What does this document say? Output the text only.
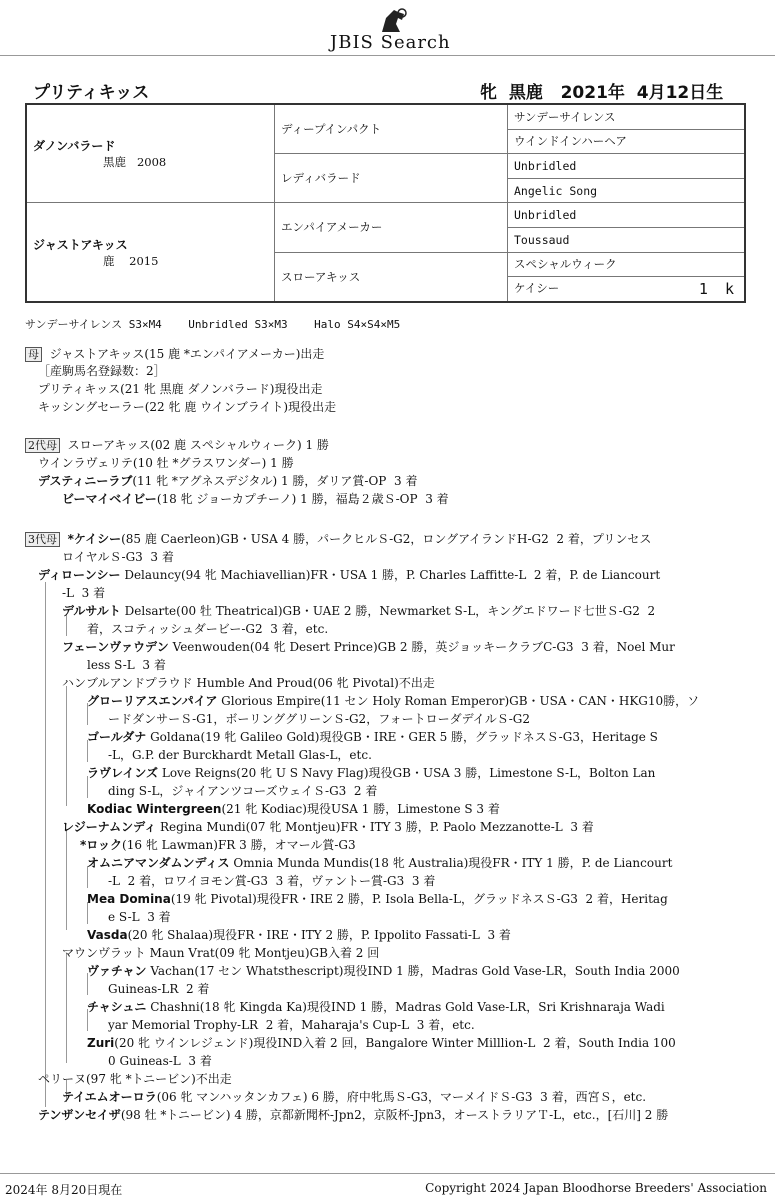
JBIS Search
プリティキッス	牝  黒鹿   2021年  4月12日生
ダノンバラード
黒鹿   2008	ディープインパクト	サンデーサイレンス
		ウインドインハーヘア
	レディバラード	Unbridled
		Angelic Song

ジャストアキッス
鹿    2015	エンパイアメーカー	Unbridled
		Toussaud
	スローアキッス	スペシャルウィーク
		ケイシー 1 k
サンデーサイレンス S3×M4    Unbridled S3×M3    Halo S4×S4×M5
母 ジャストアキッス(15 鹿 *エンパイアメーカー)出走
［産駒馬名登録数：2］
プリティキッス(21 牝 黒鹿 ダノンバラード)現役出走
キッシングセーラー(22 牝 鹿 ウインブライト)現役出走
2代母 スローアキッス(02 鹿 スペシャルウィーク) 1 勝
ウインラヴェリテ(10 牡 *グラスワンダー) 1 勝
デスティニーラブ(11 牝 *アグネスデジタル) 1 勝，ダリア賞-OP  3 着
ビーマイベイビー(18 牝 ジョーカプチーノ) 1 勝，福島２歳Ｓ-OP  3 着
3代母 *ケイシー(85 鹿 Caerleon)GB・USA 4 勝，パークヒルＳ-G2，ロングアイランドH-G2  2 着，プリンセス
ロイヤルＳ-G3  3 着
ディローンシー Delauncy(94 牝 Machiavellian)FR・USA 1 勝，P. Charles Laffitte-L  2 着，P. de Liancourt
-L  3 着
デルサルト Delsarte(00 牡 Theatrical)GB・UAE 2 勝，Newmarket S-L，キングエドワード七世Ｓ-G2  2
着，スコティッシュダービー-G2  3 着，etc.
フェーンヴァウデン Veenwouden(04 牝 Desert Prince)GB 2 勝，英ジョッキークラブC-G3  3 着，Noel Mur
less S-L  3 着
ハンブルアンドプラウド Humble And Proud(06 牝 Pivotal)不出走
グローリアスエンパイア Glorious Empire(11 セン Holy Roman Emperor)GB・USA・CAN・HKG10勝，ソ
ードダンサーＳ-G1，ボーリンググリーンＳ-G2，フォートローダデイルＳ-G2
ゴールダナ Goldana(19 牝 Galileo Gold)現役GB・IRE・GER 5 勝，グラッドネスＳ-G3，Heritage S
-L，G.P. der Burckhardt Metall Glas-L，etc.
ラヴレインズ Love Reigns(20 牝 U S Navy Flag)現役GB・USA 3 勝，Limestone S-L，Bolton Lan
ding S-L，ジャイアンツコーズウェイＳ-G3  2 着
Kodiac Wintergreen(21 牝 Kodiac)現役USA 1 勝，Limestone S 3 着
レジーナムンディ Regina Mundi(07 牝 Montjeu)FR・ITY 3 勝，P. Paolo Mezzanotte-L  3 着
*ロック(16 牝 Lawman)FR 3 勝，オマール賞-G3
オムニアマンダムンディス Omnia Munda Mundis(18 牝 Australia)現役FR・ITY 1 勝，P. de Liancourt
-L  2 着，ロワイヨモン賞-G3  3 着，ヴァントー賞-G3  3 着
Mea Domina(19 牝 Pivotal)現役FR・IRE 2 勝，P. Isola Bella-L，グラッドネスＳ-G3  2 着，Heritag
e S-L  3 着
Vasda(20 牝 Shalaa)現役FR・IRE・ITY 2 勝，P. Ippolito Fassati-L  3 着
マウンヴラット Maun Vrat(09 牝 Montjeu)GB入着 2 回
ヴァチャン Vachan(17 セン Whatsthescript)現役IND 1 勝，Madras Gold Vase-LR，South India 2000
Guineas-LR  2 着
チャシュニ Chashni(18 牝 Kingda Ka)現役IND 1 勝，Madras Gold Vase-LR，Sri Krishnaraja Wadi
yar Memorial Trophy-LR  2 着，Maharaja's Cup-L  3 着，etc.
Zuri(20 牝 ウインレジェンド)現役IND入着 2 回，Bangalore Winter Milllion-L  2 着，South India 100
0 Guineas-L  3 着
ペリーヌ(97 牝 *トニービン)不出走
テイエムオーロラ(06 牝 マンハッタンカフェ) 6 勝，府中牝馬Ｓ-G3，マーメイドＳ-G3  3 着，西宮Ｓ，etc.
テンザンセイザ(98 牡 *トニービン) 4 勝，京都新聞杯-Jpn2，京阪杯-Jpn3，オーストラリアＴ-L，etc.，[石川] 2 勝
2024年 8月20日現在	Copyright 2024 Japan Bloodhorse Breeders' Association
